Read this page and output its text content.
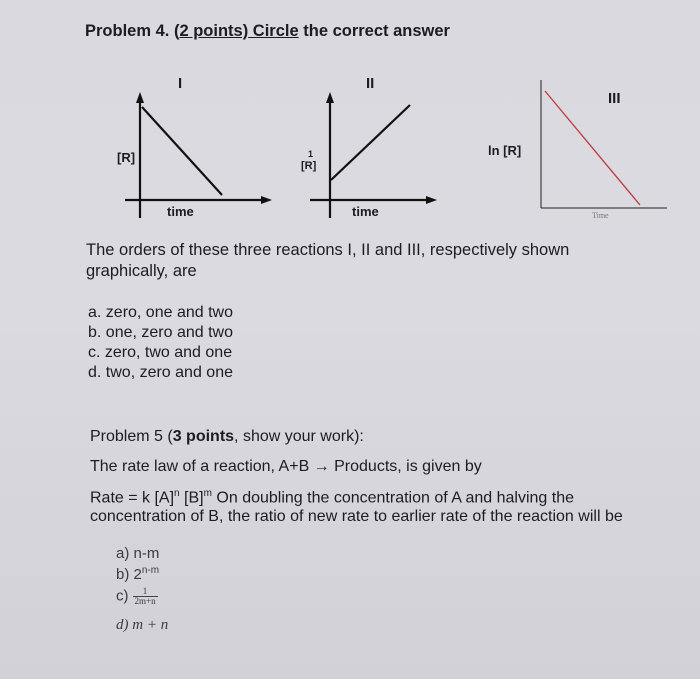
Problem 4. (2 points) Circle the correct answer
I	II
III
[R]	1
[R]
ln [R]
time	time	Time
The orders of these three reactions I, II and III, respectively shown graphically, are
a. zero, one and two
b. one, zero and two
c. zero, two and one
d. two, zero and one
Problem 5 (3 points, show your work):
The rate law of a reaction, A+B → Products, is given by
Rate = k $[A]^n$ $[B]^m$ On doubling the concentration of A and halving the
concentration of B, the ratio of new rate to earlier rate of the reaction will be
a) n-m
b) 2$^{n-m}$
$c) \frac{1}{2m+n}$
d) m + n
